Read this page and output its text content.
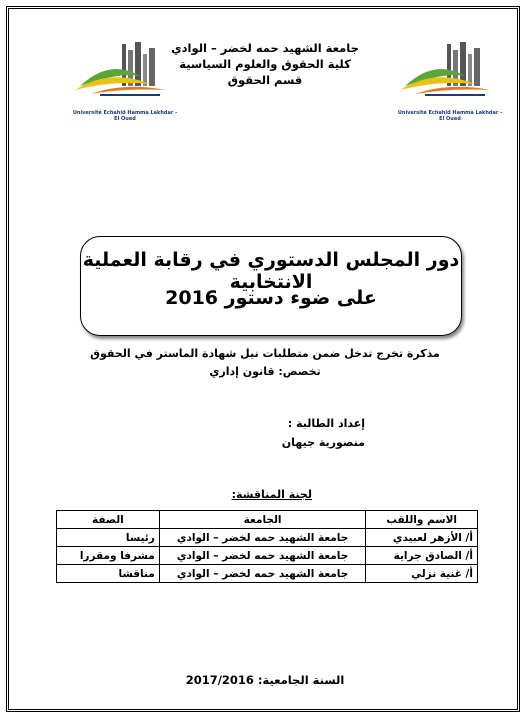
Université Echahid Hamma Lakhdar - El Oued
جامعة الشهيد حمه لخضر – الوادي
كلية الحقوق والعلوم السياسية
قسم الحقوق
Université Echahid Hamma Lakhdar - El Oued
دور المجلس الدستوري في رقابة العملية الانتخابية
على ضوء دستور 2016
مذكرة تخرج تدخل ضمن متطلبات نيل شهادة الماستر في الحقوق
تخصص: قانون إداري
إعداد الطالبة :
منصورية جيهان
لجنة المناقشة:
الاسم واللقب	الجامعة	الصفة
أ/ الأزهر لعبيدي	جامعة الشهيد حمه لخضر – الوادي	رئيسا
أ/ الصادق جراية	جامعة الشهيد حمه لخضر – الوادي	مشرفا ومقررا
أ/ غنية نزلي	جامعة الشهيد حمه لخضر – الوادي	مناقشا
السنة الجامعية: 2017/2016
